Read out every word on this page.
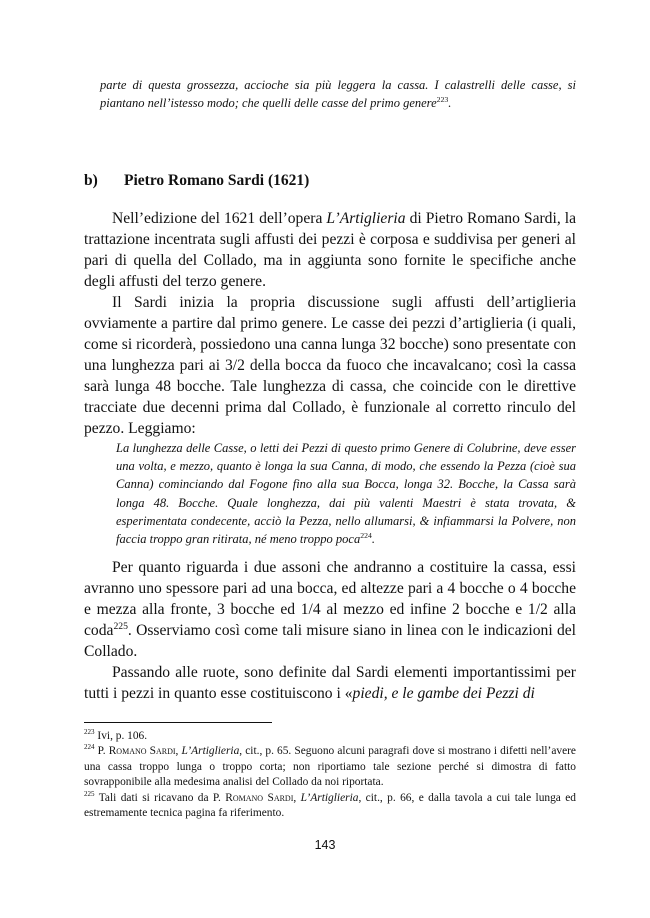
parte di questa grossezza, accioche sia più leggera la cassa. I calastrelli delle casse, si piantano nell’istesso modo; che quelli delle casse del primo genere$^{223}$.
b) Pietro Romano Sardi (1621)

Nell’edizione del 1621 dell’opera L’Artiglieria di Pietro Romano Sardi, la trattazione incentrata sugli affusti dei pezzi è corposa e suddivisa per generi al pari di quella del Collado, ma in aggiunta sono fornite le specifiche anche degli affusti del terzo genere.

Il Sardi inizia la propria discussione sugli affusti dell’artiglieria ovviamente a partire dal primo genere. Le casse dei pezzi d’artiglieria (i quali, come si ricorderà, possiedono una canna lunga 32 bocche) sono presentate con una lunghezza pari ai 3/2 della bocca da fuoco che incavalcano; così la cassa sarà lunga 48 bocche. Tale lunghezza di cassa, che coincide con le direttive tracciate due decenni prima dal Collado, è funzionale al corretto rinculo del pezzo. Leggiamo:

La lunghezza delle Casse, o letti dei Pezzi di questo primo Genere di Colubrine, deve esser una volta, e mezzo, quanto è longa la sua Canna, di modo, che essendo la Pezza (cioè sua Canna) cominciando dal Fogone fino alla sua Bocca, longa 32. Bocche, la Cassa sarà longa 48. Bocche. Quale longhezza, dai più valenti Maestri è stata trovata, & esperimentata condecente, acciò la Pezza, nello allumarsi, & infiammarsi la Polvere, non faccia troppo gran ritirata, né meno troppo poca$^{224}$.

Per quanto riguarda i due assoni che andranno a costituire la cassa, essi avranno uno spessore pari ad una bocca, ed altezze pari a 4 bocche o 4 bocche e mezza alla fronte, 3 bocche ed 1/4 al mezzo ed infine 2 bocche e 1/2 alla coda$^{225}$. Osserviamo così come tali misure siano in linea con le indicazioni del Collado.

Passando alle ruote, sono definite dal Sardi elementi importantissimi per tutti i pezzi in quanto esse costituiscono i «piedi, e le gambe dei Pezzi di

$^{223}$ Ivi, p. 106.

$^{224}$ P. Romano Sardi, L’Artiglieria, cit., p. 65. Seguono alcuni paragrafi dove si mostrano i difetti nell’avere una cassa troppo lunga o troppo corta; non riportiamo tale sezione perché si dimostra di fatto sovrapponibile alla medesima analisi del Collado da noi riportata.

$^{225}$ Tali dati si ricavano da P. Romano Sardi, L’Artiglieria, cit., p. 66, e dalla tavola a cui tale lunga ed estremamente tecnica pagina fa riferimento.

143
